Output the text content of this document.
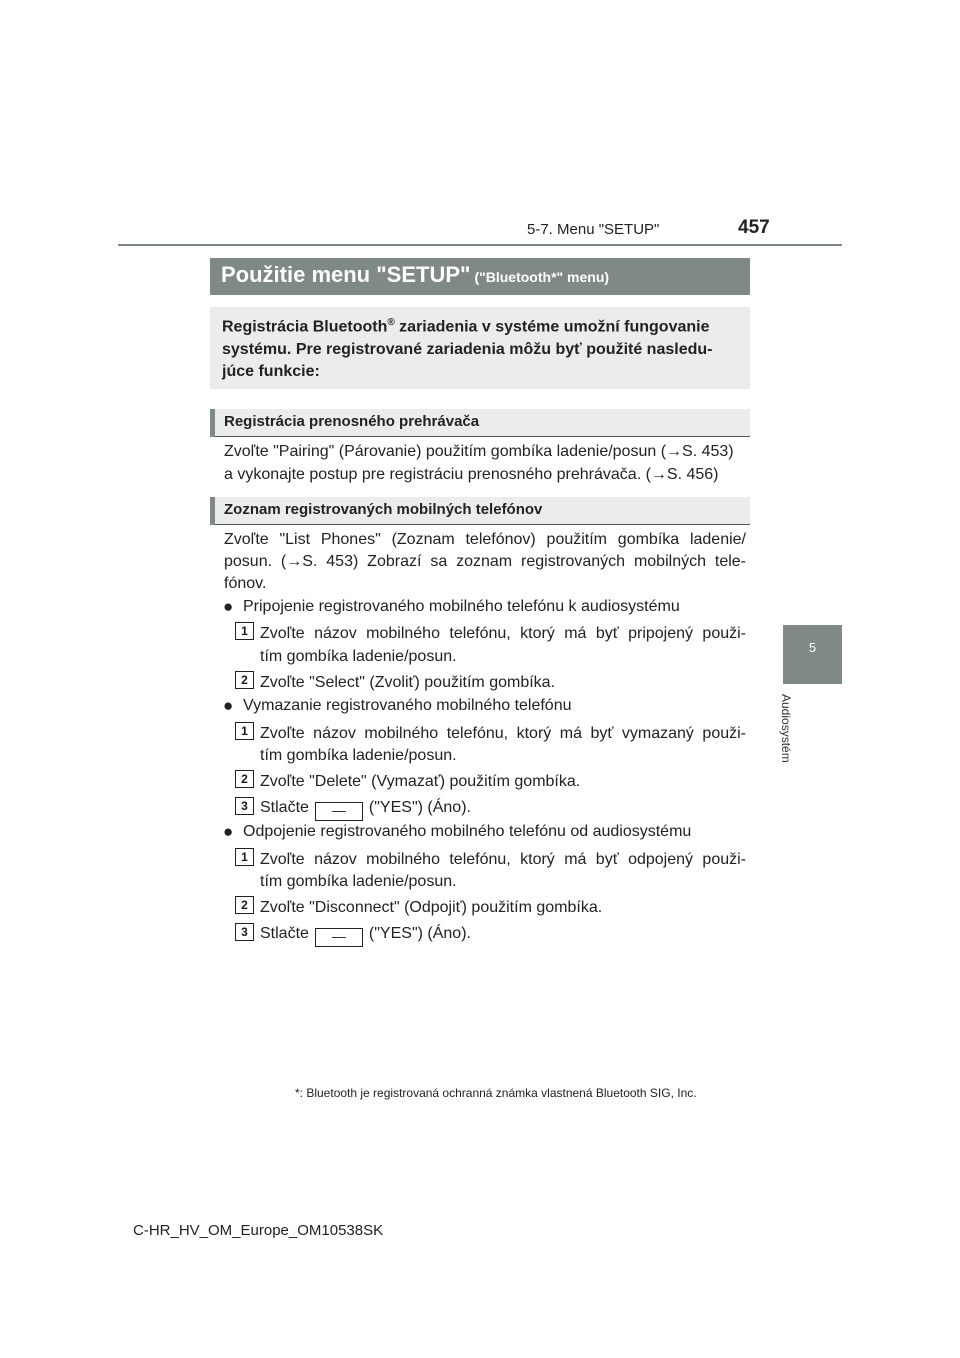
5-7. Menu "SETUP"	457
5
Audiosystém
Použitie menu "SETUP" ("Bluetooth*" menu)
Registrácia Bluetooth® zariadenia v systéme umožní fungovanie
systému. Pre registrované zariadenia môžu byť použité nasledu-
júce funkcie:
Registrácia prenosného prehrávača
Zvoľte "Pairing" (Párovanie) použitím gombíka ladenie/posun (→S. 453)
a vykonajte postup pre registráciu prenosného prehrávača. (→S. 456)
Zoznam registrovaných mobilných telefónov
Zvoľte "List Phones" (Zoznam telefónov) použitím gombíka ladenie/
posun. (→S. 453) Zobrazí sa zoznam registrovaných mobilných tele-
fónov.
● Pripojenie registrovaného mobilného telefónu k audiosystému
1 Zvoľte názov mobilného telefónu, ktorý má byť pripojený použi-
tím gombíka ladenie/posun.
2 Zvoľte "Select" (Zvoliť) použitím gombíka.
● Vymazanie registrovaného mobilného telefónu
1 Zvoľte názov mobilného telefónu, ktorý má byť vymazaný použi-
tím gombíka ladenie/posun.
2 Zvoľte "Delete" (Vymazať) použitím gombíka.
3 Stlačte — ("YES") (Áno).
● Odpojenie registrovaného mobilného telefónu od audiosystému
1 Zvoľte názov mobilného telefónu, ktorý má byť odpojený použi-
tím gombíka ladenie/posun.
2 Zvoľte "Disconnect" (Odpojiť) použitím gombíka.
3 Stlačte — ("YES") (Áno).
*: Bluetooth je registrovaná ochranná známka vlastnená Bluetooth SIG, Inc.
C-HR_HV_OM_Europe_OM10538SK
